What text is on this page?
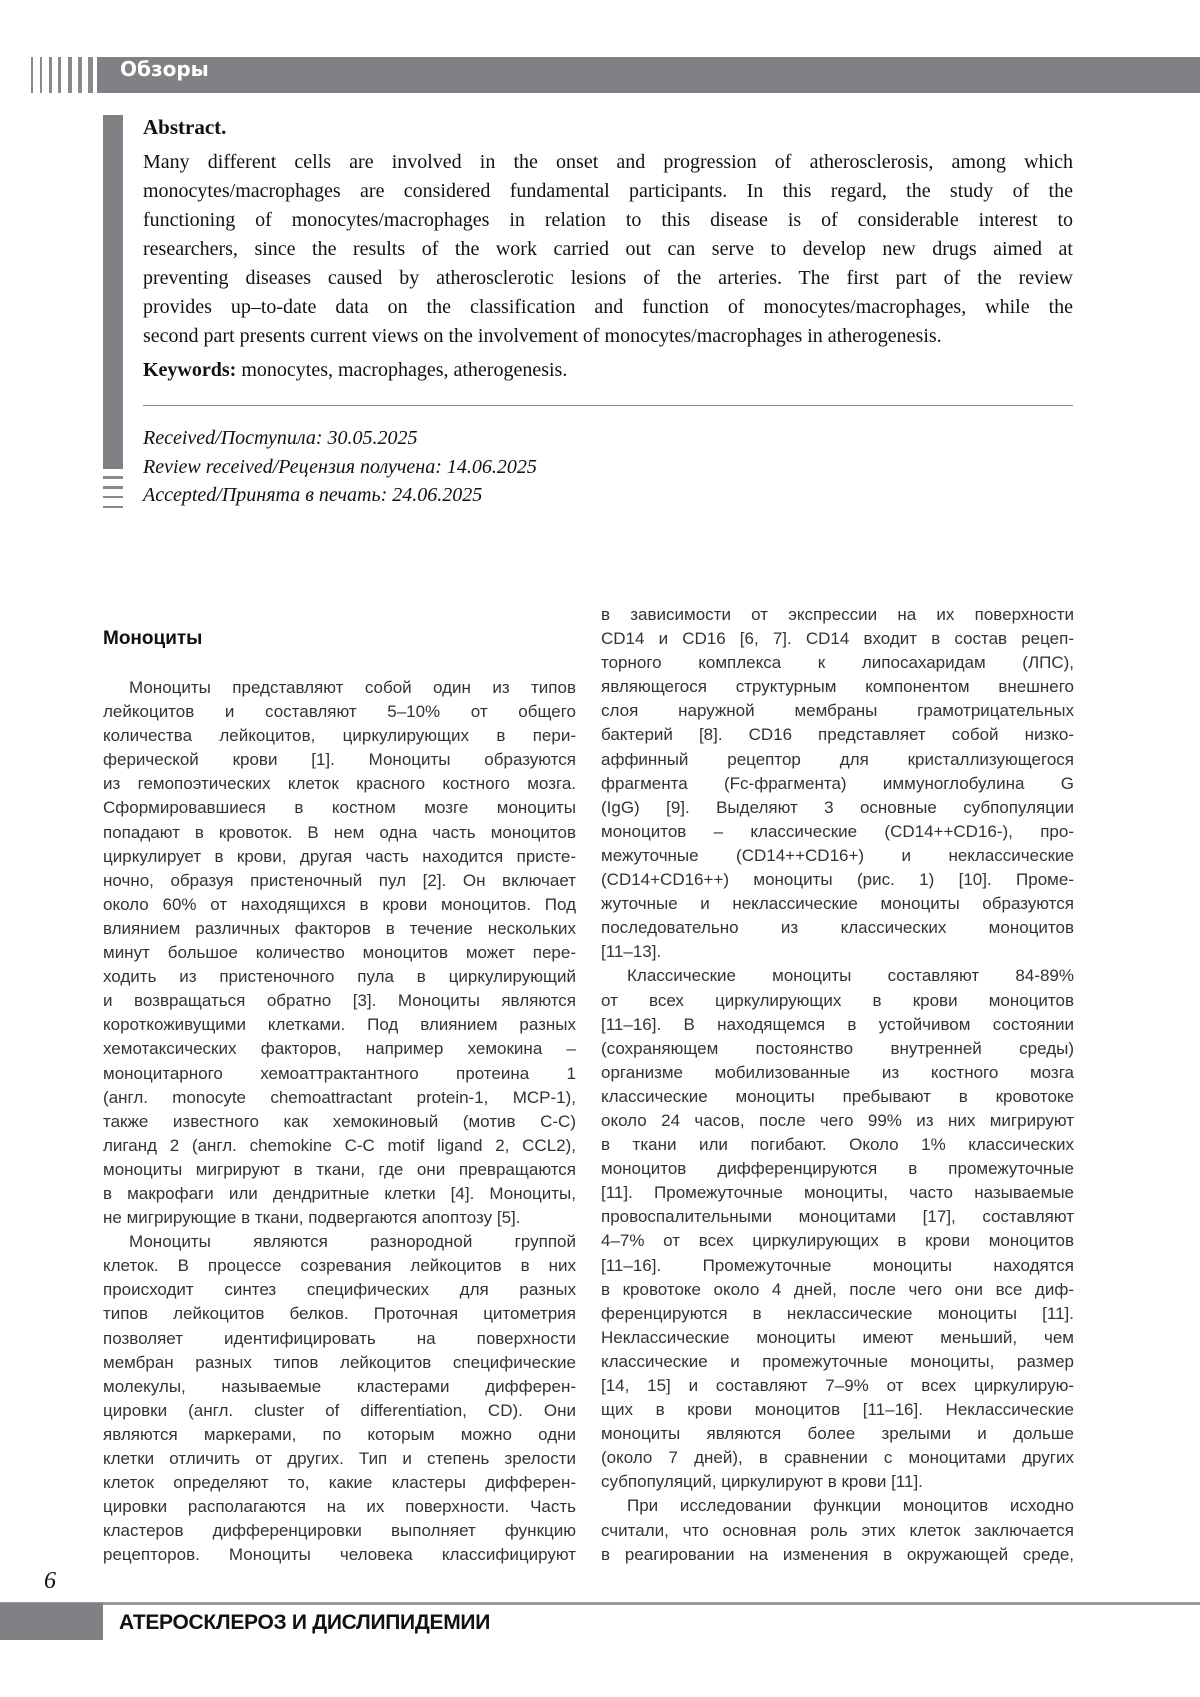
Обзоры
Abstract.
Many different cells are involved in the onset and progression of atherosclerosis, among which
monocytes/macrophages are considered fundamental participants. In this regard, the study of the
functioning of monocytes/macrophages in relation to this disease is of considerable interest to
researchers, since the results of the work carried out can serve to develop new drugs aimed at
preventing diseases caused by atherosclerotic lesions of the arteries. The first part of the review
provides up–to-date data on the classification and function of monocytes/macrophages, while the
second part presents current views on the involvement of monocytes/macrophages in atherogenesis.
Keywords: monocytes, macrophages, atherogenesis.
Received/Поступила: 30.05.2025
Review received/Рецензия получена: 14.06.2025
Accepted/Принята в печать: 24.06.2025
Моноциты
Моноциты представляют собой один из типов
лейкоцитов и составляют 5–10% от общего
количества лейкоцитов, циркулирующих в пери-
ферической крови [1]. Моноциты образуются
из гемопоэтических клеток красного костного мозга.
Сформировавшиеся в костном мозге моноциты
попадают в кровоток. В нем одна часть моноцитов
циркулирует в крови, другая часть находится присте-
ночно, образуя пристеночный пул [2]. Он включает
около 60% от находящихся в крови моноцитов. Под
влиянием различных факторов в течение нескольких
минут большое количество моноцитов может пере-
ходить из пристеночного пула в циркулирующий
и возвращаться обратно [3]. Моноциты являются
короткоживущими клетками. Под влиянием разных
хемотаксических факторов, например хемокина –
моноцитарного хемоаттрактантного протеина 1
(англ. monocyte chemoattractant protein-1, MCP-1),
также известного как хемокиновый (мотив C-C)
лиганд 2 (англ. chemokine C-C motif ligand 2, CCL2),
моноциты мигрируют в ткани, где они превращаются
в макрофаги или дендритные клетки [4]. Моноциты,
не мигрирующие в ткани, подвергаются апоптозу [5].
Моноциты являются разнородной группой
клеток. В процессе созревания лейкоцитов в них
происходит синтез специфических для разных
типов лейкоцитов белков. Проточная цитометрия
позволяет идентифицировать на поверхности
мембран разных типов лейкоцитов специфические
молекулы, называемые кластерами дифферен-
цировки (англ. cluster of differentiation, CD). Они
являются маркерами, по которым можно одни
клетки отличить от других. Тип и степень зрелости
клеток определяют то, какие кластеры дифферен-
цировки располагаются на их поверхности. Часть
кластеров дифференцировки выполняет функцию
рецепторов. Моноциты человека классифицируют
в зависимости от экспрессии на их поверхности
CD14 и CD16 [6, 7]. CD14 входит в состав рецеп-
торного комплекса к липосахаридам (ЛПС),
являющегося структурным компонентом внешнего
слоя наружной мембраны грамотрицательных
бактерий [8]. CD16 представляет собой низко-
аффинный рецептор для кристаллизующегося
фрагмента (Fc-фрагмента) иммуноглобулина G
(IgG) [9]. Выделяют 3 основные субпопуляции
моноцитов – классические (CD14++CD16-), про-
межуточные (CD14++CD16+) и неклассические
(CD14+CD16++) моноциты (рис. 1) [10]. Проме-
жуточные и неклассические моноциты образуются
последовательно из классических моноцитов
[11–13].
Классические моноциты составляют 84-89%
от всех циркулирующих в крови моноцитов
[11–16]. В находящемся в устойчивом состоянии
(сохраняющем постоянство внутренней среды)
организме мобилизованные из костного мозга
классические моноциты пребывают в кровотоке
около 24 часов, после чего 99% из них мигрируют
в ткани или погибают. Около 1% классических
моноцитов дифференцируются в промежуточные
[11]. Промежуточные моноциты, часто называемые
провоспалительными моноцитами [17], составляют
4–7% от всех циркулирующих в крови моноцитов
[11–16]. Промежуточные моноциты находятся
в кровотоке около 4 дней, после чего они все диф-
ференцируются в неклассические моноциты [11].
Неклассические моноциты имеют меньший, чем
классические и промежуточные моноциты, размер
[14, 15] и составляют 7–9% от всех циркулирую-
щих в крови моноцитов [11–16]. Неклассические
моноциты являются более зрелыми и дольше
(около 7 дней), в сравнении с моноцитами других
субпопуляций, циркулируют в крови [11].
При исследовании функции моноцитов исходно
считали, что основная роль этих клеток заключается
в реагировании на изменения в окружающей среде,
6
АТЕРОСКЛЕРОЗ И ДИСЛИПИДЕМИИ
